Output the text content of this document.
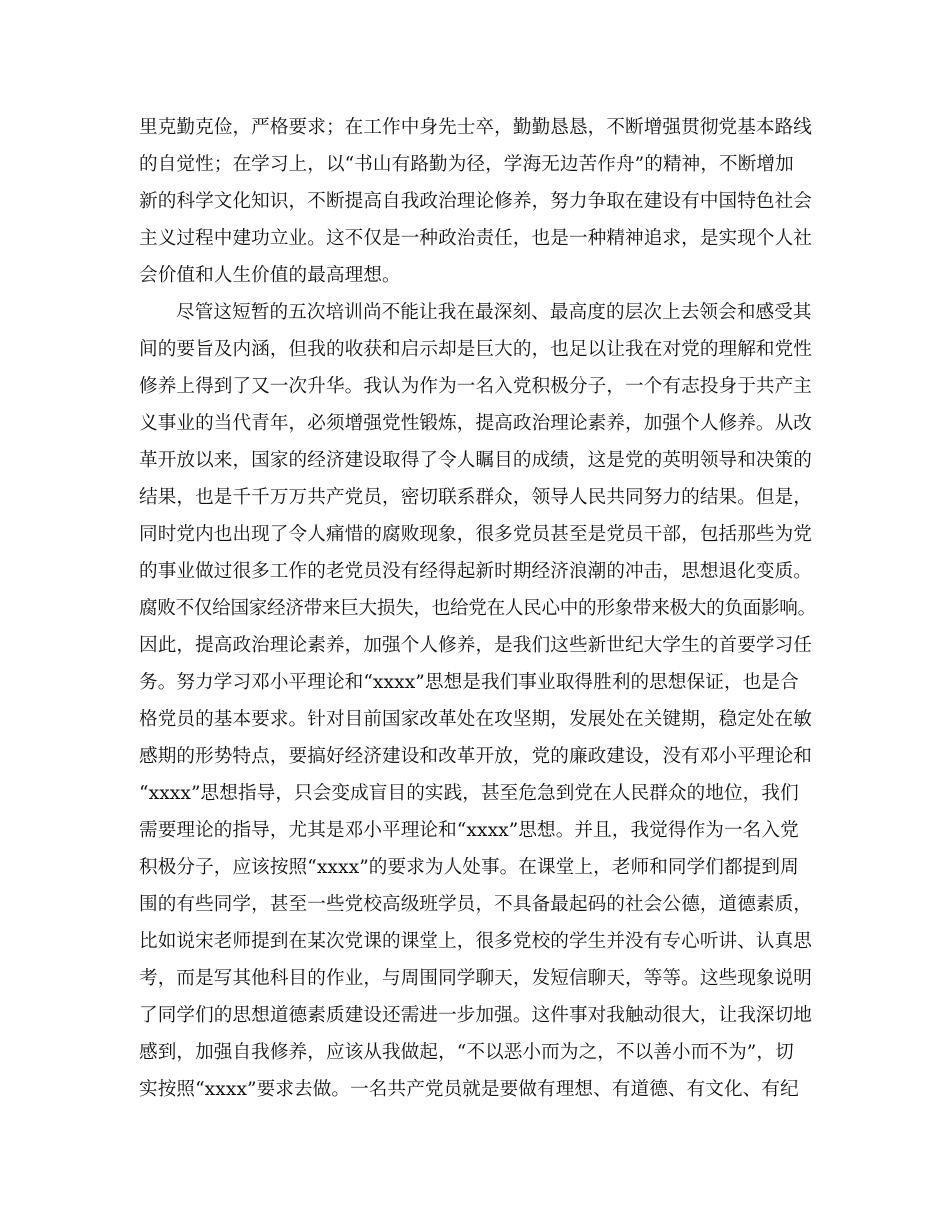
里克勤克俭，严格要求；在工作中身先士卒，勤勤恳恳，不断增强贯彻党基本路线
的自觉性；在学习上，以“书山有路勤为径，学海无边苦作舟”的精神，不断增加
新的科学文化知识，不断提高自我政治理论修养，努力争取在建设有中国特色社会
主义过程中建功立业。这不仅是一种政治责任，也是一种精神追求，是实现个人社
会价值和人生价值的最高理想。
尽管这短暂的五次培训尚不能让我在最深刻、最高度的层次上去领会和感受其
间的要旨及内涵，但我的收获和启示却是巨大的，也足以让我在对党的理解和党性
修养上得到了又一次升华。我认为作为一名入党积极分子，一个有志投身于共产主
义事业的当代青年，必须增强党性锻炼，提高政治理论素养，加强个人修养。从改
革开放以来，国家的经济建设取得了令人瞩目的成绩，这是党的英明领导和决策的
结果，也是千千万万共产党员，密切联系群众，领导人民共同努力的结果。但是，
同时党内也出现了令人痛惜的腐败现象，很多党员甚至是党员干部，包括那些为党
的事业做过很多工作的老党员没有经得起新时期经济浪潮的冲击，思想退化变质。
腐败不仅给国家经济带来巨大损失，也给党在人民心中的形象带来极大的负面影响。
因此，提高政治理论素养，加强个人修养，是我们这些新世纪大学生的首要学习任
务。努力学习邓小平理论和“xxxx”思想是我们事业取得胜利的思想保证，也是合
格党员的基本要求。针对目前国家改革处在攻坚期，发展处在关键期，稳定处在敏
感期的形势特点，要搞好经济建设和改革开放，党的廉政建设，没有邓小平理论和
“xxxx”思想指导，只会变成盲目的实践，甚至危急到党在人民群众的地位，我们
需要理论的指导，尤其是邓小平理论和“xxxx”思想。并且，我觉得作为一名入党
积极分子，应该按照“xxxx”的要求为人处事。在课堂上，老师和同学们都提到周
围的有些同学，甚至一些党校高级班学员，不具备最起码的社会公德，道德素质，
比如说宋老师提到在某次党课的课堂上，很多党校的学生并没有专心听讲、认真思
考，而是写其他科目的作业，与周围同学聊天，发短信聊天，等等。这些现象说明
了同学们的思想道德素质建设还需进一步加强。这件事对我触动很大，让我深切地
感到，加强自我修养，应该从我做起，“不以恶小而为之，不以善小而不为”，切
实按照“xxxx”要求去做。一名共产党员就是要做有理想、有道德、有文化、有纪
